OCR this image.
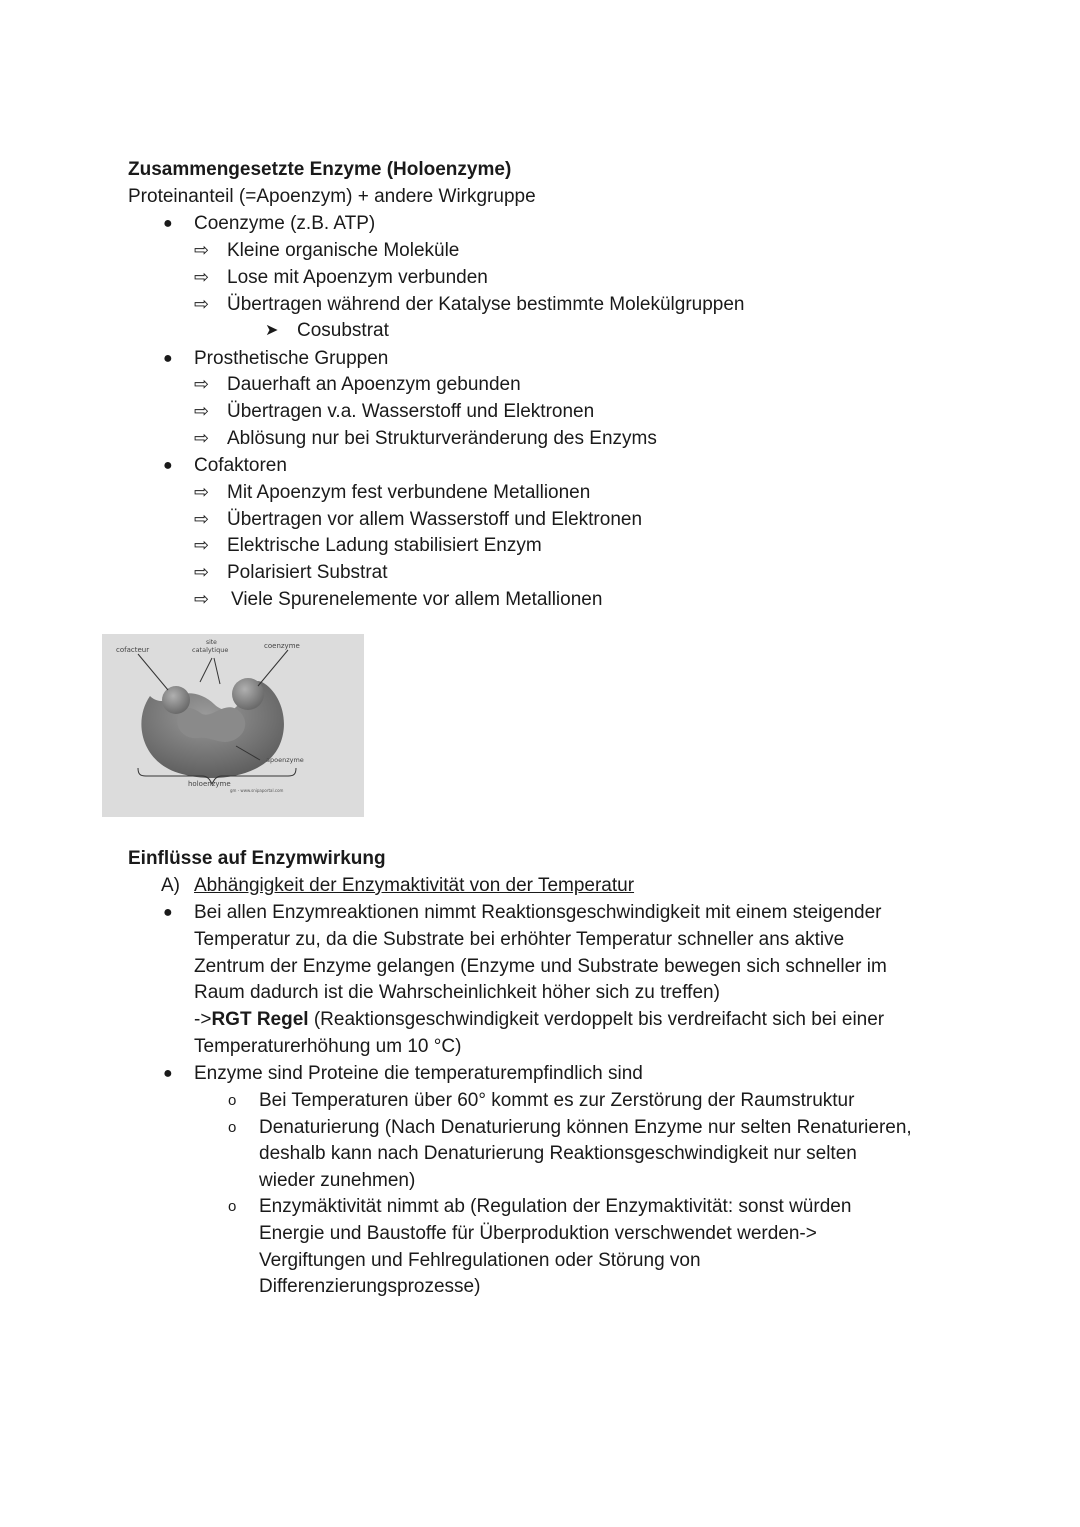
Zusammengesetzte Enzyme (Holoenzyme)
Proteinanteil (=Apoenzym) + andere Wirkgruppe
● Coenzyme (z.B. ATP)
⇨ Kleine organische Moleküle
⇨ Lose mit Apoenzym verbunden
⇨ Übertragen während der Katalyse bestimmte Molekülgruppen
➤ Cosubstrat
● Prosthetische Gruppen
⇨ Dauerhaft an Apoenzym gebunden
⇨ Übertragen v.a. Wasserstoff und Elektronen
⇨ Ablösung nur bei Strukturveränderung des Enzyms
● Cofaktoren
⇨ Mit Apoenzym fest verbundene Metallionen
⇨ Übertragen vor allem Wasserstoff und Elektronen
⇨ Elektrische Ladung stabilisiert Enzym
⇨ Polarisiert Substrat
⇨ Viele Spurenelemente vor allem Metallionen
cofacteur
site
catalytique	coenzyme
apoenzyme
holoenzyme
gm - www.snipaportal.com
Einflüsse auf Enzymwirkung
A) Abhängigkeit der Enzymaktivität von der Temperatur
● Bei allen Enzymreaktionen nimmt Reaktionsgeschwindigkeit mit einem steigender
Temperatur zu, da die Substrate bei erhöhter Temperatur schneller ans aktive
Zentrum der Enzyme gelangen (Enzyme und Substrate bewegen sich schneller im
Raum dadurch ist die Wahrscheinlichkeit höher sich zu treffen)
->RGT Regel (Reaktionsgeschwindigkeit verdoppelt bis verdreifacht sich bei einer
Temperaturerhöhung um 10 °C)
● Enzyme sind Proteine die temperaturempfindlich sind
o Bei Temperaturen über 60° kommt es zur Zerstörung der Raumstruktur
o Denaturierung (Nach Denaturierung können Enzyme nur selten Renaturieren,
deshalb kann nach Denaturierung Reaktionsgeschwindigkeit nur selten
wieder zunehmen)
o Enzymäktivität nimmt ab (Regulation der Enzymaktivität: sonst würden
Energie und Baustoffe für Überproduktion verschwendet werden->
Vergiftungen und Fehlregulationen oder Störung von
Differenzierungsprozesse)
